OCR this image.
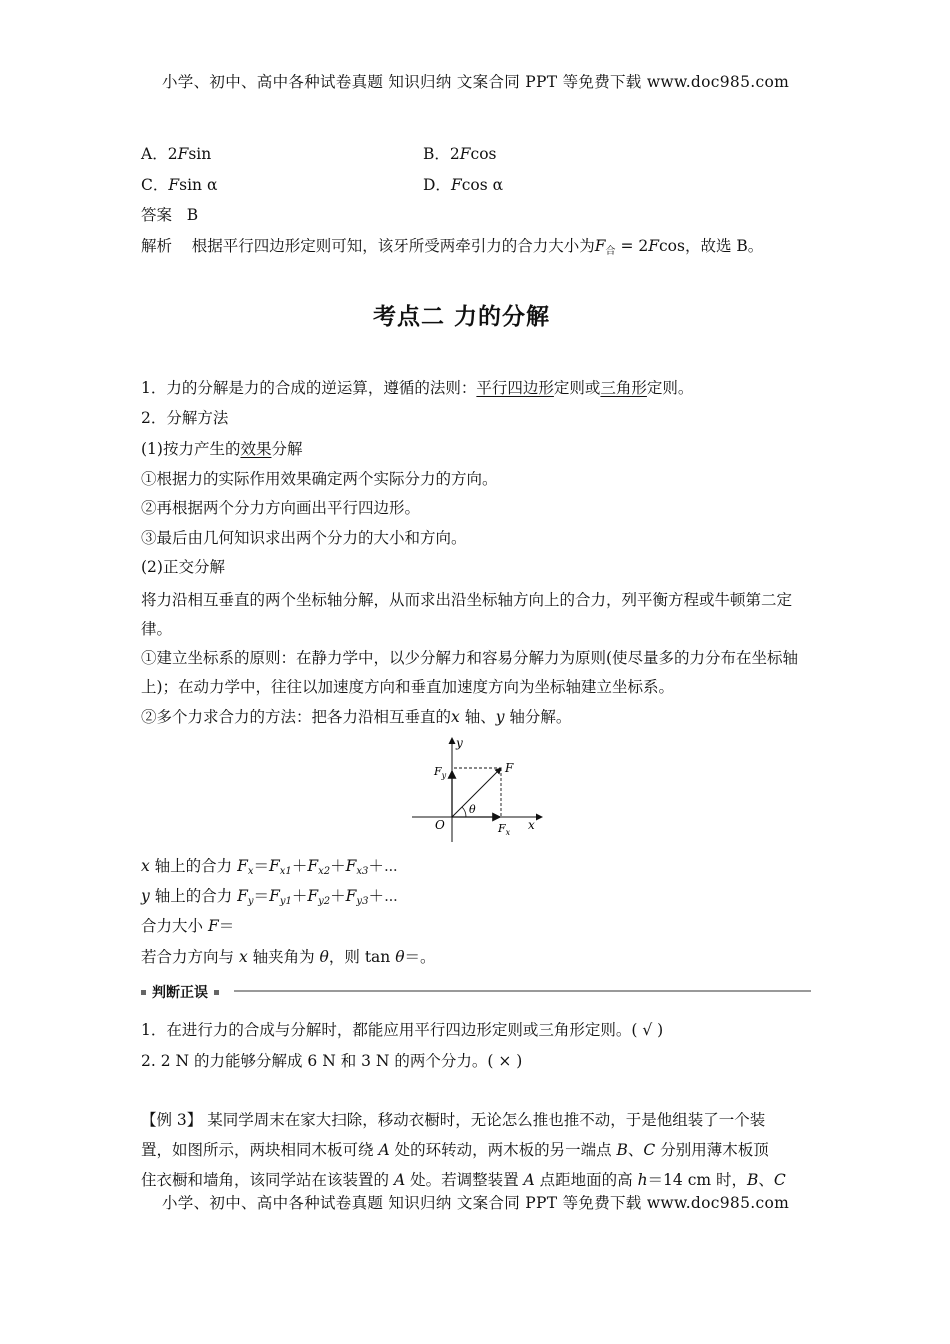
小学、初中、高中各种试卷真题 知识归纳 文案合同 PPT 等免费下载 www.doc985.com
A．2Fsin	B．2Fcos
C．Fsin α	D．Fcos α
答案 B
解析 根据平行四边形定则可知，该牙所受两牵引力的合力大小为$F_合 = 2Fcos$，故选 B。
考点二 力的分解
1．力的分解是力的合成的逆运算，遵循的法则：平行四边形定则或三角形定则。
2．分解方法
(1)按力产生的效果分解
①根据力的实际作用效果确定两个实际分力的方向。
②再根据两个分力方向画出平行四边形。
③最后由几何知识求出两个分力的大小和方向。
(2)正交分解
将力沿相互垂直的两个坐标轴分解，从而求出沿坐标轴方向上的合力，列平衡方程或牛顿第二定律。
①建立坐标系的原则：在静力学中，以少分解力和容易分解力为原则(使尽量多的力分布在坐标轴上)；在动力学中，往往以加速度方向和垂直加速度方向为坐标轴建立坐标系。
②多个力求合力的方法：把各力沿相互垂直的x 轴、y 轴分解。
y
x
O
F
$F_y$
$F_x$
θ
x 轴上的合力 $F_x=F_{x1}+F_{x2}+F_{x3}+\cdots$
y 轴上的合力 $F_y=F_{y1}+F_{y2}+F_{y3}+\cdots$
合力大小 F＝
若合力方向与 x 轴夹角为 θ，则 tan θ＝。
判断正误
1．在进行力的合成与分解时，都能应用平行四边形定则或三角形定则。( √ )
2. 2 N 的力能够分解成 6 N 和 3 N 的两个分力。( × )
【例 3】 某同学周末在家大扫除，移动衣橱时，无论怎么推也推不动，于是他组装了一个装
置，如图所示，两块相同木板可绕 A 处的环转动，两木板的另一端点 B、C 分别用薄木板顶
住衣橱和墙角，该同学站在该装置的 A 处。若调整装置 A 点距地面的高 h＝14 cm 时，B、C
小学、初中、高中各种试卷真题 知识归纳 文案合同 PPT 等免费下载 www.doc985.com
